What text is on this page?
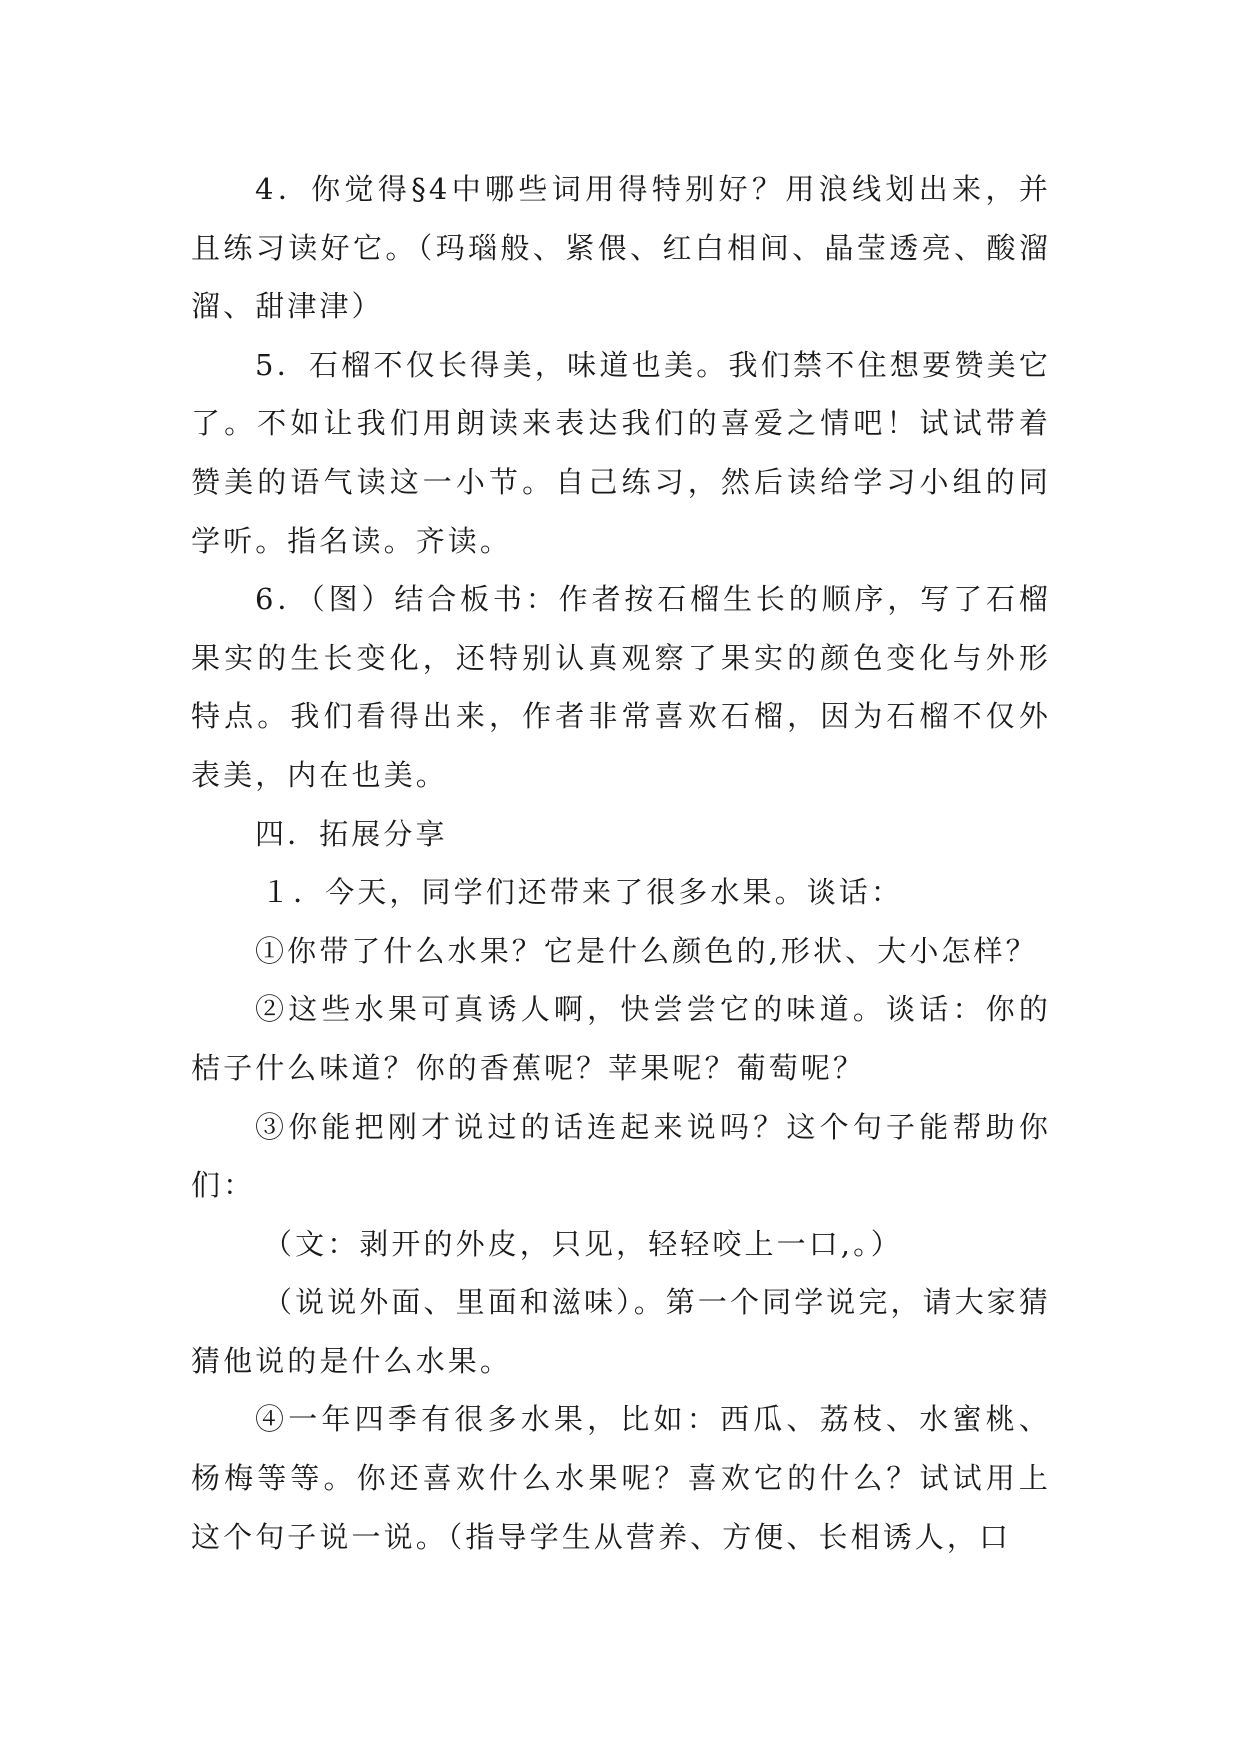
4．你觉得§4中哪些词用得特别好？用浪线划出来，并且练习读好它。（玛瑙般、紧偎、红白相间、晶莹透亮、酸溜溜、甜津津）

5．石榴不仅长得美，味道也美。我们禁不住想要赞美它了。不如让我们用朗读来表达我们的喜爱之情吧！试试带着赞美的语气读这一小节。自己练习，然后读给学习小组的同学听。指名读。齐读。

6．（图）结合板书：作者按石榴生长的顺序，写了石榴果实的生长变化，还特别认真观察了果实的颜色变化与外形特点。我们看得出来，作者非常喜欢石榴，因为石榴不仅外表美，内在也美。

四．拓展分享

１．今天，同学们还带来了很多水果。谈话：

①你带了什么水果？它是什么颜色的,形状、大小怎样？

②这些水果可真诱人啊，快尝尝它的味道。谈话：你的桔子什么味道？你的香蕉呢？苹果呢？葡萄呢？

③你能把刚才说过的话连起来说吗？这个句子能帮助你们：

（文：剥开的外皮，只见，轻轻咬上一口,。）

（说说外面、里面和滋味）。第一个同学说完，请大家猜猜他说的是什么水果。

④一年四季有很多水果，比如：西瓜、荔枝、水蜜桃、杨梅等等。你还喜欢什么水果呢？喜欢它的什么？试试用上这个句子说一说。（指导学生从营养、方便、长相诱人，口
